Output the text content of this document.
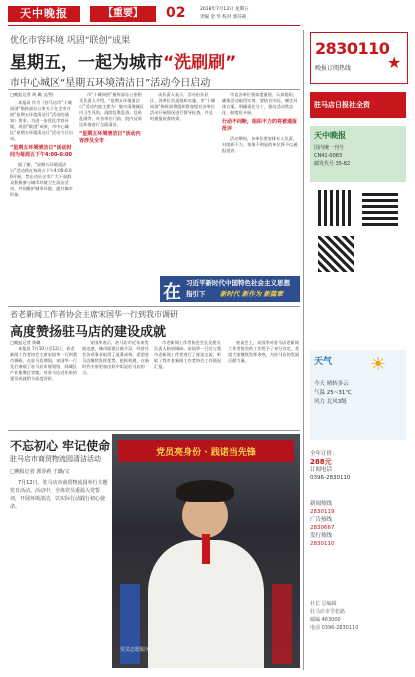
天中晚报	【重要】	02	2018年7月13日 星期五
责编 金 华 校对 郭莎莉
优化市容环境 巩固“联创”成果
星期五，一起为城市“洗刷刷”
市中心城区“星期五环境清洁日”活动今日启动
□晚报记者 黄 璐 文/图

本报讯 作为《驻马店市“十城同创”指挥部办公室关于在全市开展“星期五环境清洁日”活动的通知》要求，为进一步优化市容环境，巩固“联创”成果，市中心城区“星期五环境清洁日”活动今日启动。

“星期五环境清洁日”活动时间为每周五下午4:00-6:00

据了解，“星期五环境清洁日”活动将在每周五下午4:00-6:00开展，旨在动员全市广大干部群众积极参与城市环境卫生清洁活动，共同维护城市环境，提升城市形象。

市“十城同创”指挥部办公室相关负责人介绍，“星期五环境清洁日”活动内容主要为：集中清理城区内卫生死角，清除乱堆乱放、乱贴乱画等，对各单位门前、院内及周边环境进行全面清洁。

“星期五环境清洁日”活动内容涉及全市

该负责人表示，活动由各县区、各单位负责组织实施，市“十城同创”指挥部将组织督查组对各单位活动开展情况进行督导检查，并及时通报检查结果。

市直各单位要高度重视，认真组织，确保活动取得实效。要结合实际，制定具体方案，明确责任分工，推动活动常态化、制度化开展。

行动不间断，组织不力的将被通报批评

活动期间，各单位要安排专人负责，对组织不力、效果不明显的单位将予以通报批评。

在 习近平新时代中国特色社会主义思想
指引下 新时代 新作为 新篇章
省老新闻工作者协会主席宋国华一行到我市调研
高度赞扬驻马店的建设成就
□晚报记者 黄璐

本报讯 7月10日至12日，省老新闻工作者协会主席宋国华一行到我市调研。在驻马店期间，宋国华一行先后参观了驻马店市规划馆、驿城区产业集聚区等地，对驻马店近年来的建设成就给予高度评价。

宋国华表示，驻马店市近年来发展迅速，城市面貌日新月异，经济社会各项事业取得了显著成效。希望驻马店继续发挥优势，抢抓机遇，在新时代中原更加出彩中彰显驻马店担当。

市老新闻工作者协会会长及相关负责人陪同调研。宋国华一行还与我市老新闻工作者进行了座谈交流，听取了我市老新闻工作者协会工作情况汇报。

座谈会上，宋国华对驻马店老新闻工作者协会的工作给予了充分肯定，希望大家继续发挥余热，为驻马店的发展贡献力量。

不忘初心 牢记使命
驻马店市商贸物流园清洁活动
□晚报记者 郭莎莉 王璐/文

7月12日，驻马店市商贸物流园举行主题党日活动。活动中，全体党员重温入党誓词，开展环境清洁，以实际行动践行初心使命。

党员亮身份 · 践诺当先锋
党员志愿服务
2830110
晚报订阅热线 ★
驻马店日报社全资
天中晚报
国内统一刊号
CN41-0083
邮发代号 35-82
天气 ☀
今天 晴转多云
气温 25~31℃
风力 北风3级
全年订价：
288元
订阅电话
0396-2830110
新闻热线
2830119
广告热线
2830667
发行热线
2830110
社长 总编辑
驻马店市雪松路
邮编 463000
电话 0396-2830110
